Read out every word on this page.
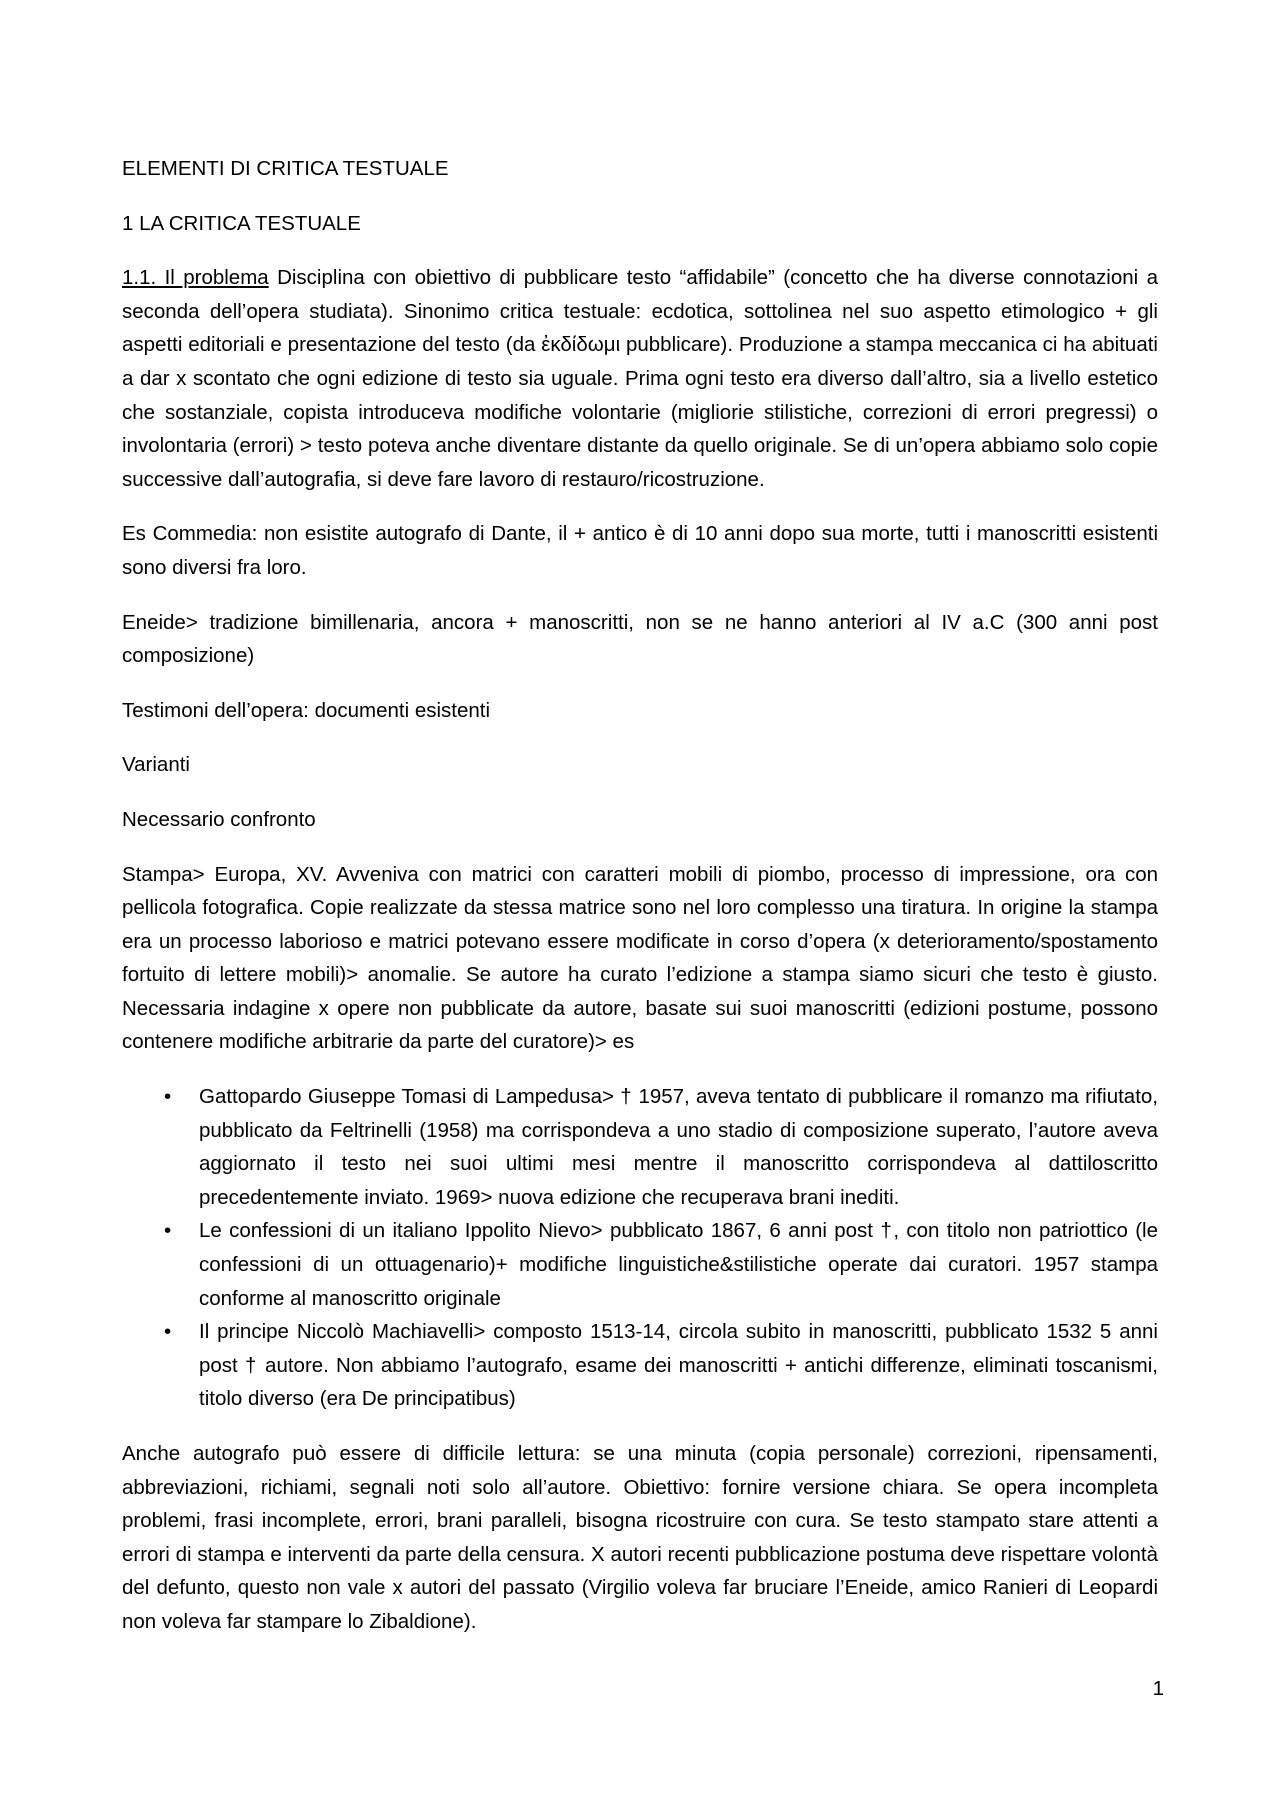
ELEMENTI DI CRITICA TESTUALE

1 LA CRITICA TESTUALE

1.1. Il problema Disciplina con obiettivo di pubblicare testo “affidabile” (concetto che ha diverse connotazioni a seconda dell’opera studiata). Sinonimo critica testuale: ecdotica, sottolinea nel suo aspetto etimologico + gli aspetti editoriali e presentazione del testo (da ἐκδίδωμι pubblicare). Produzione a stampa meccanica ci ha abituati a dar x scontato che ogni edizione di testo sia uguale. Prima ogni testo era diverso dall’altro, sia a livello estetico che sostanziale, copista introduceva modifiche volontarie (migliorie stilistiche, correzioni di errori pregressi) o involontaria (errori) > testo poteva anche diventare distante da quello originale. Se di un’opera abbiamo solo copie successive dall’autografia, si deve fare lavoro di restauro/ricostruzione.

Es Commedia: non esistite autografo di Dante, il + antico è di 10 anni dopo sua morte, tutti i manoscritti esistenti sono diversi fra loro.

Eneide> tradizione bimillenaria, ancora + manoscritti, non se ne hanno anteriori al IV a.C (300 anni post composizione)

Testimoni dell’opera: documenti esistenti

Varianti

Necessario confronto

Stampa> Europa, XV. Avveniva con matrici con caratteri mobili di piombo, processo di impressione, ora con pellicola fotografica. Copie realizzate da stessa matrice sono nel loro complesso una tiratura. In origine la stampa era un processo laborioso e matrici potevano essere modificate in corso d’opera (x deterioramento/spostamento fortuito di lettere mobili)> anomalie. Se autore ha curato l’edizione a stampa siamo sicuri che testo è giusto. Necessaria indagine x opere non pubblicate da autore, basate sui suoi manoscritti (edizioni postume, possono contenere modifiche arbitrarie da parte del curatore)> es

• Gattopardo Giuseppe Tomasi di Lampedusa> † 1957, aveva tentato di pubblicare il romanzo ma rifiutato, pubblicato da Feltrinelli (1958) ma corrispondeva a uno stadio di composizione superato, l’autore aveva aggiornato il testo nei suoi ultimi mesi mentre il manoscritto corrispondeva al dattiloscritto precedentemente inviato. 1969> nuova edizione che recuperava brani inediti.
• Le confessioni di un italiano Ippolito Nievo> pubblicato 1867, 6 anni post †, con titolo non patriottico (le confessioni di un ottuagenario)+ modifiche linguistiche&stilistiche operate dai curatori. 1957 stampa conforme al manoscritto originale
• Il principe Niccolò Machiavelli> composto 1513-14, circola subito in manoscritti, pubblicato 1532 5 anni post † autore. Non abbiamo l’autografo, esame dei manoscritti + antichi differenze, eliminati toscanismi, titolo diverso (era De principatibus)

Anche autografo può essere di difficile lettura: se una minuta (copia personale) correzioni, ripensamenti, abbreviazioni, richiami, segnali noti solo all’autore. Obiettivo: fornire versione chiara. Se opera incompleta problemi, frasi incomplete, errori, brani paralleli, bisogna ricostruire con cura. Se testo stampato stare attenti a errori di stampa e interventi da parte della censura. X autori recenti pubblicazione postuma deve rispettare volontà del defunto, questo non vale x autori del passato (Virgilio voleva far bruciare l’Eneide, amico Ranieri di Leopardi non voleva far stampare lo Zibaldione).

1
